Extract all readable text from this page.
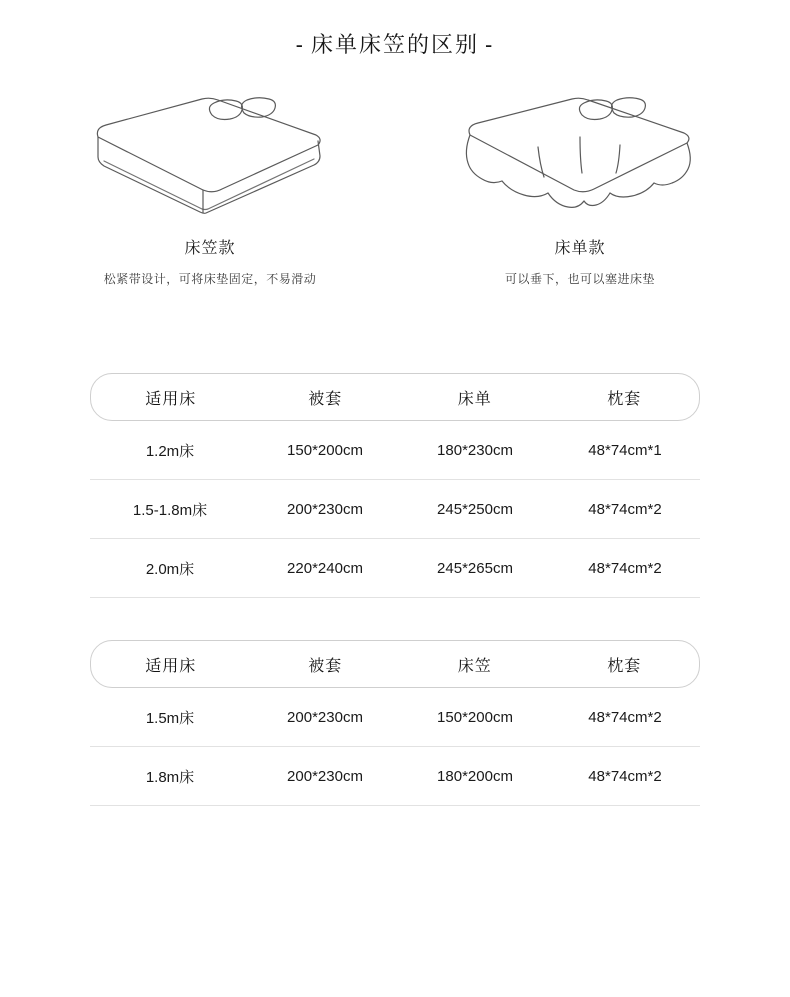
- 床单床笠的区别 -
床笠款
松紧带设计，可将床垫固定，不易滑动
床单款
可以垂下，也可以塞进床垫
适用床	被套	床单	枕套
1.2m床	150*200cm	180*230cm	48*74cm*1
1.5-1.8m床	200*230cm	245*250cm	48*74cm*2
2.0m床	220*240cm	245*265cm	48*74cm*2
适用床	被套	床笠	枕套
1.5m床	200*230cm	150*200cm	48*74cm*2
1.8m床	200*230cm	180*200cm	48*74cm*2
